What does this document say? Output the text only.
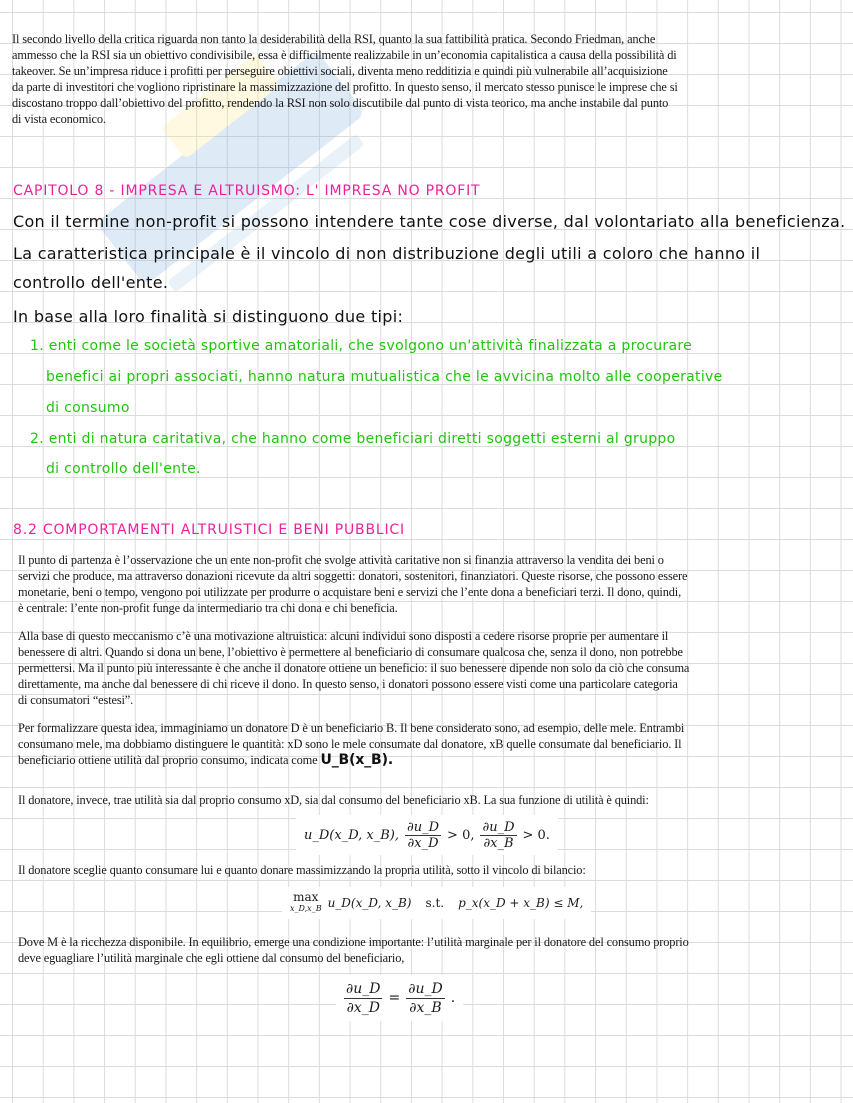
Il secondo livello della critica riguarda non tanto la desiderabilità della RSI, quanto la sua fattibilità pratica. Secondo Friedman, anche

ammesso che la RSI sia un obiettivo condivisibile, essa è difficilmente realizzabile in un’economia capitalistica a causa della possibilità di

takeover. Se un’impresa riduce i profitti per perseguire obiettivi sociali, diventa meno redditizia e quindi più vulnerabile all’acquisizione

da parte di investitori che vogliono ripristinare la massimizzazione del profitto. In questo senso, il mercato stesso punisce le imprese che si

discostano troppo dall’obiettivo del profitto, rendendo la RSI non solo discutibile dal punto di vista teorico, ma anche instabile dal punto

di vista economico.

CAPITOLO 8 - IMPRESA E ALTRUISMO: L' IMPRESA NO PROFIT
Con il termine non-profit si possono intendere tante cose diverse, dal volontariato alla beneficienza.
La caratteristica principale è il vincolo di non distribuzione degli utili a coloro che hanno il
controllo dell'ente.
In base alla loro finalità si distinguono due tipi:
1. enti come le società sportive amatoriali, che svolgono un'attività finalizzata a procurare
benefici ai propri associati, hanno natura mutualistica che le avvicina molto alle cooperative
di consumo
2. enti di natura caritativa, che hanno come beneficiari diretti soggetti esterni al gruppo
di controllo dell'ente.
8.2 COMPORTAMENTI ALTRUISTICI E BENI PUBBLICI

Il punto di partenza è l’osservazione che un ente non-profit che svolge attività caritative non si finanzia attraverso la vendita dei beni o

servizi che produce, ma attraverso donazioni ricevute da altri soggetti: donatori, sostenitori, finanziatori. Queste risorse, che possono essere

monetarie, beni o tempo, vengono poi utilizzate per produrre o acquistare beni e servizi che l’ente dona a beneficiari terzi. Il dono, quindi,

è centrale: l’ente non-profit funge da intermediario tra chi dona e chi beneficia.

Alla base di questo meccanismo c’è una motivazione altruistica: alcuni individui sono disposti a cedere risorse proprie per aumentare il

benessere di altri. Quando si dona un bene, l’obiettivo è permettere al beneficiario di consumare qualcosa che, senza il dono, non potrebbe

permettersi. Ma il punto più interessante è che anche il donatore ottiene un beneficio: il suo benessere dipende non solo da ciò che consuma

direttamente, ma anche dal benessere di chi riceve il dono. In questo senso, i donatori possono essere visti come una particolare categoria

di consumatori “estesi”.

Per formalizzare questa idea, immaginiamo un donatore D è un beneficiario B. Il bene considerato sono, ad esempio, delle mele. Entrambi

consumano mele, ma dobbiamo distinguere le quantità: xD sono le mele consumate dal donatore, xB quelle consumate dal beneficiario. Il

beneficiario ottiene utilità dal proprio consumo, indicata come U_B(x_B).

Il donatore, invece, trae utilità sia dal proprio consumo xD, sia dal consumo del beneficiario xB. La sua funzione di utilità è quindi:
u_D(x_D, x_B), $\frac{\partial u\_D}{\partial x\_D} > 0$, $\frac{\partial u\_D}{\partial x\_B} > 0$.
Il donatore sceglie quanto consumare lui e quanto donare massimizzando la propria utilità, sotto il vincolo di bilancio:
max
x_D,x_B u_D(x_D, x_B) s.t. p_x(x_D + x_B) ≤ M,

Dove M è la ricchezza disponibile. In equilibrio, emerge una condizione importante: l’utilità marginale per il donatore del consumo proprio

deve eguagliare l’utilità marginale che egli ottiene dal consumo del beneficiario,

$\frac{\partial u\_D}{\partial x\_D} = \frac{\partial u\_D}{\partial x\_B}$ .
